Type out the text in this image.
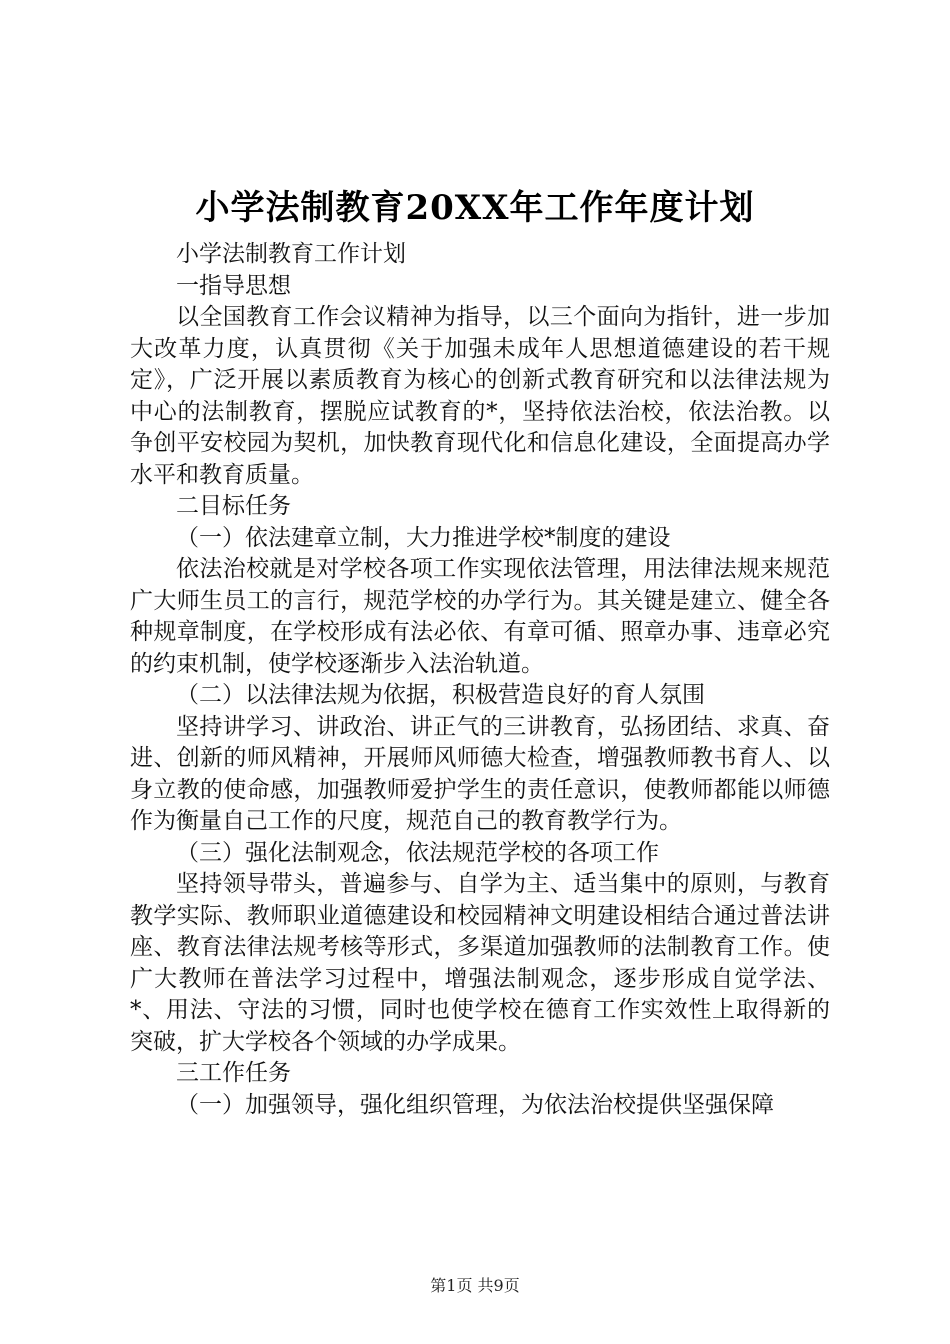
小学法制教育20XX年工作年度计划

小学法制教育工作计划

一指导思想

以全国教育工作会议精神为指导，以三个面向为指针，进一步加大改革力度，认真贯彻《关于加强未成年人思想道德建设的若干规定》，广泛开展以素质教育为核心的创新式教育研究和以法律法规为中心的法制教育，摆脱应试教育的*，坚持依法治校，依法治教。以争创平安校园为契机，加快教育现代化和信息化建设，全面提高办学水平和教育质量。

二目标任务

（一）依法建章立制，大力推进学校*制度的建设

依法治校就是对学校各项工作实现依法管理，用法律法规来规范广大师生员工的言行，规范学校的办学行为。其关键是建立、健全各种规章制度，在学校形成有法必依、有章可循、照章办事、违章必究的约束机制，使学校逐渐步入法治轨道。

（二）以法律法规为依据，积极营造良好的育人氛围

坚持讲学习、讲政治、讲正气的三讲教育，弘扬团结、求真、奋进、创新的师风精神，开展师风师德大检查，增强教师教书育人、以身立教的使命感，加强教师爱护学生的责任意识，使教师都能以师德作为衡量自己工作的尺度，规范自己的教育教学行为。

（三）强化法制观念，依法规范学校的各项工作

坚持领导带头，普遍参与、自学为主、适当集中的原则，与教育教学实际、教师职业道德建设和校园精神文明建设相结合通过普法讲座、教育法律法规考核等形式，多渠道加强教师的法制教育工作。使广大教师在普法学习过程中，增强法制观念，逐步形成自觉学法、*、用法、守法的习惯，同时也使学校在德育工作实效性上取得新的突破，扩大学校各个领域的办学成果。

三工作任务

（一）加强领导，强化组织管理，为依法治校提供坚强保障

第1页 共9页
